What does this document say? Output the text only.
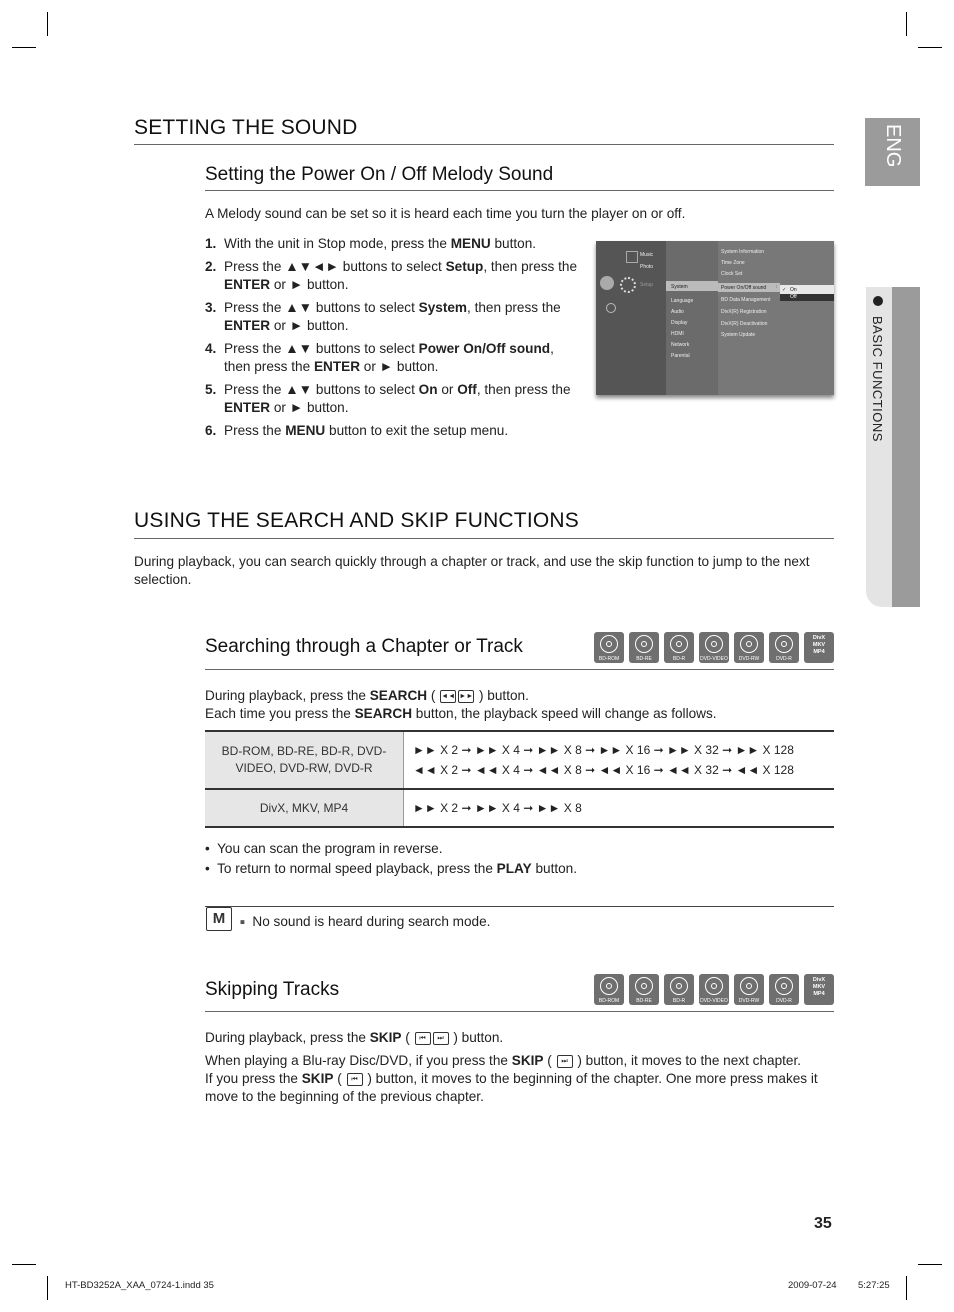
ENG
BASIC FUNCTIONS
SETTING THE SOUND
Setting the Power On / Off Melody Sound
A Melody sound can be set so it is heard each time you turn the player on or off.
1. With the unit in Stop mode, press the MENU button.
2. Press the ▲▼◄► buttons to select Setup, then press the ENTER or ► button.
3. Press the ▲▼ buttons to select System, then press the ENTER or ► button.
4. Press the ▲▼ buttons to select Power On/Off sound, then press the ENTER or ► button.
5. Press the ▲▼ buttons to select On or Off, then press the ENTER or ► button.
6. Press the MENU button to exit the setup menu.
Music
Photo
Setup	System
Language
Audio
Display
HDMI
Network
Parental
:
System Information
Time Zone
Clock Set
Power On/Off sound
BD Data Management
DivX(R) Registration
DivX(R) Deactivation
System Update
✓ On
Off
USING THE SEARCH AND SKIP FUNCTIONS
During playback, you can search quickly through a chapter or track, and use the skip function to jump to the next selection.
Searching through a Chapter or Track
BD-ROM	BD-RE	BD-R	DVD-VIDEO	DVD-RW	DVD-R
DivX
MKV
MP4
During playback, press the SEARCH ( ◄◄ ►► ) button.
Each time you press the SEARCH button, the playback speed will change as follows.
BD-ROM, BD-RE, BD-R, DVD-VIDEO, DVD-RW, DVD-R	►► X 2 ➞ ►► X 4 ➞ ►► X 8 ➞ ►► X 16 ➞ ►► X 32 ➞ ►► X 128
◄◄ X 2 ➞ ◄◄ X 4 ➞ ◄◄ X 8 ➞ ◄◄ X 16 ➞ ◄◄ X 32 ➞ ◄◄ X 128

DivX, MKV, MP4	►► X 2 ➞ ►► X 4 ➞ ►► X 8
•  You can scan the program in reverse.
•  To return to normal speed playback, press the PLAY button.
M	■ No sound is heard during search mode.
Skipping Tracks
BD-ROM	BD-RE	BD-R	DVD-VIDEO	DVD-RW	DVD-R
DivX
MKV
MP4
During playback, press the SKIP ( ⏮ ⏭ ) button.
When playing a Blu-ray Disc/DVD, if you press the SKIP ( ⏭ ) button, it moves to the next chapter.
If you press the SKIP ( ⏮ ) button, it moves to the beginning of the chapter. One more press makes it move to the beginning of the previous chapter.
35
HT-BD3252A_XAA_0724-1.indd 35	2009-07-24 5:27:25
